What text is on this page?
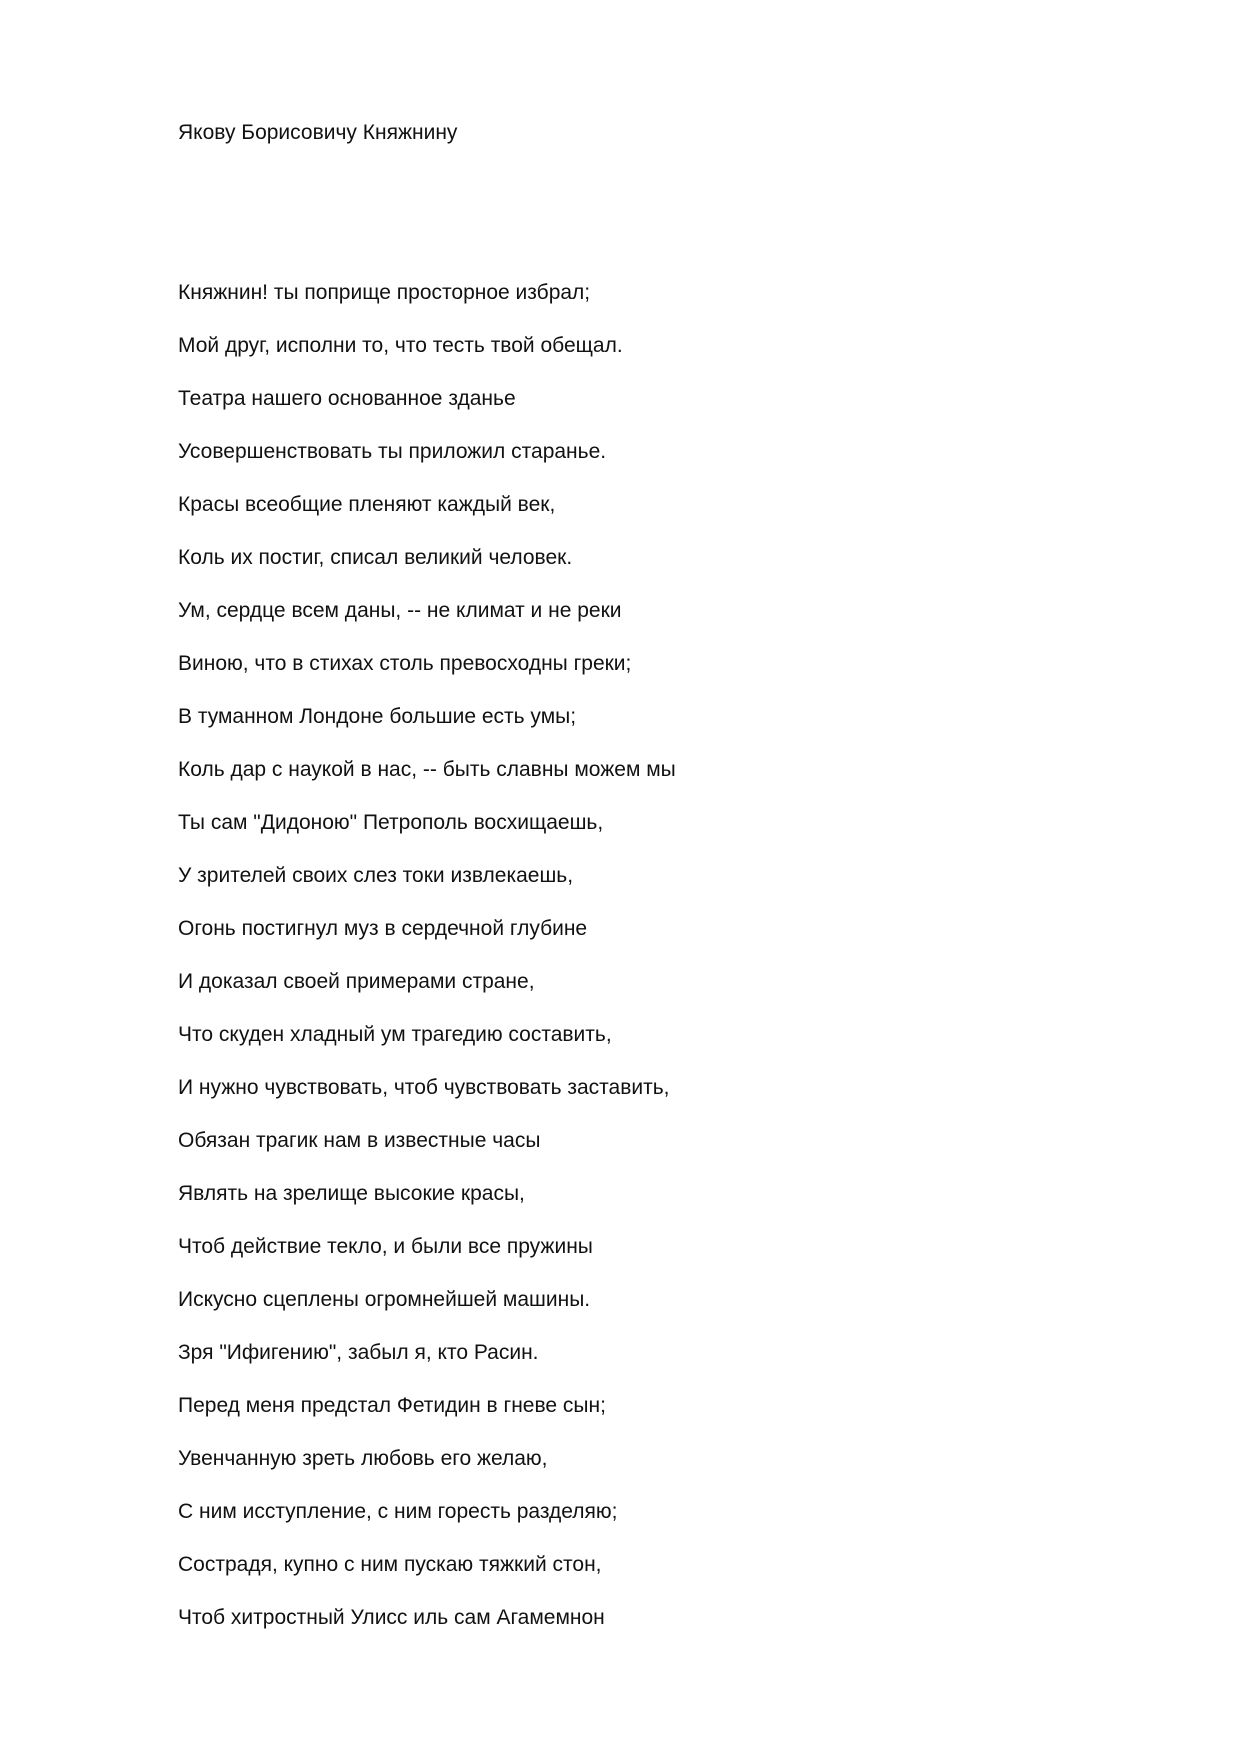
Якову Борисовичу Княжнину

Княжнин! ты поприще просторное избрал;

Мой друг, исполни то, что тесть твой обещал.

Театра нашего основанное зданье

Усовершенствовать ты приложил старанье.

Красы всеобщие пленяют каждый век,

Коль их постиг, списал великий человек.

Ум, сердце всем даны, -- не климат и не реки

Виною, что в стихах столь превосходны греки;

В туманном Лондоне большие есть умы;

Коль дар с наукой в нас, -- быть славны можем мы

Ты сам "Дидоною" Петрополь восхищаешь,

У зрителей своих слез токи извлекаешь,

Огонь постигнул муз в сердечной глубине

И доказал своей примерами стране,

Что скуден хладный ум трагедию составить,

И нужно чувствовать, чтоб чувствовать заставить,

Обязан трагик нам в известные часы

Являть на зрелище высокие красы,

Чтоб действие текло, и были все пружины

Искусно сцеплены огромнейшей машины.

Зря "Ифигению", забыл я, кто Расин.

Перед меня предстал Фетидин в гневе сын;

Увенчанную зреть любовь его желаю,

С ним исступление, с ним горесть разделяю;

Сострадя, купно с ним пускаю тяжкий стон,

Чтоб хитростный Улисс иль сам Агамемнон
